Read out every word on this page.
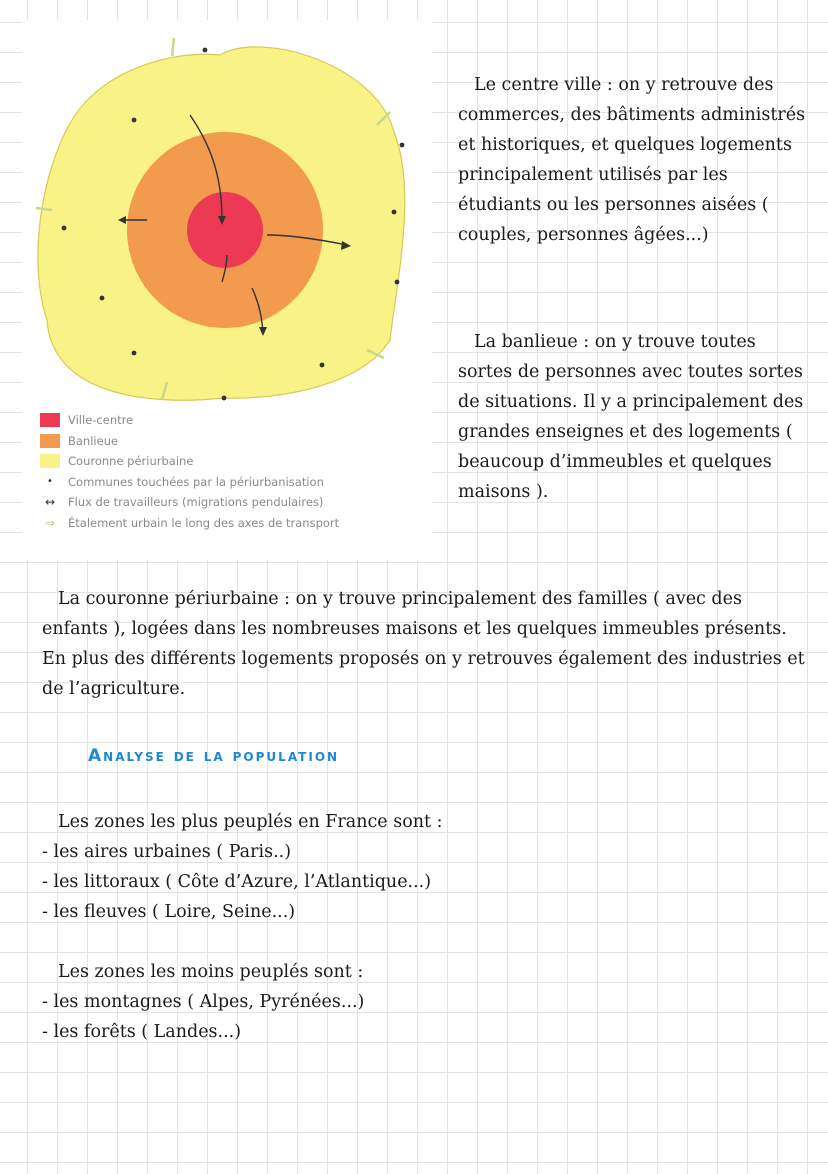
Ville-centre
Banlieue
Couronne périurbaine
•	Communes touchées par la périurbanisation
↔	Flux de travailleurs (migrations pendulaires)
⇒	Étalement urbain le long des axes de transport

Le centre ville : on y retrouve des commerces, des bâtiments administrés et historiques, et quelques logements principalement utilisés par les étudiants ou les personnes aisées ( couples, personnes âgées...)

La banlieue : on y trouve toutes sortes de personnes avec toutes sortes de situations. Il y a principalement des grandes enseignes et des logements ( beaucoup d’immeubles et quelques maisons ).

La couronne périurbaine : on y trouve principalement des familles ( avec des enfants ), logées dans les nombreuses maisons et les quelques immeubles présents. En plus des différents logements proposés on y retrouves également des industries et de l’agriculture.

Analyse de la population
Les zones les plus peuplés en France sont :
- les aires urbaines ( Paris..)
- les littoraux ( Côte d’Azure, l’Atlantique...)
- les fleuves ( Loire, Seine...)
Les zones les moins peuplés sont :
- les montagnes ( Alpes, Pyrénées...)
- les forêts ( Landes...)
